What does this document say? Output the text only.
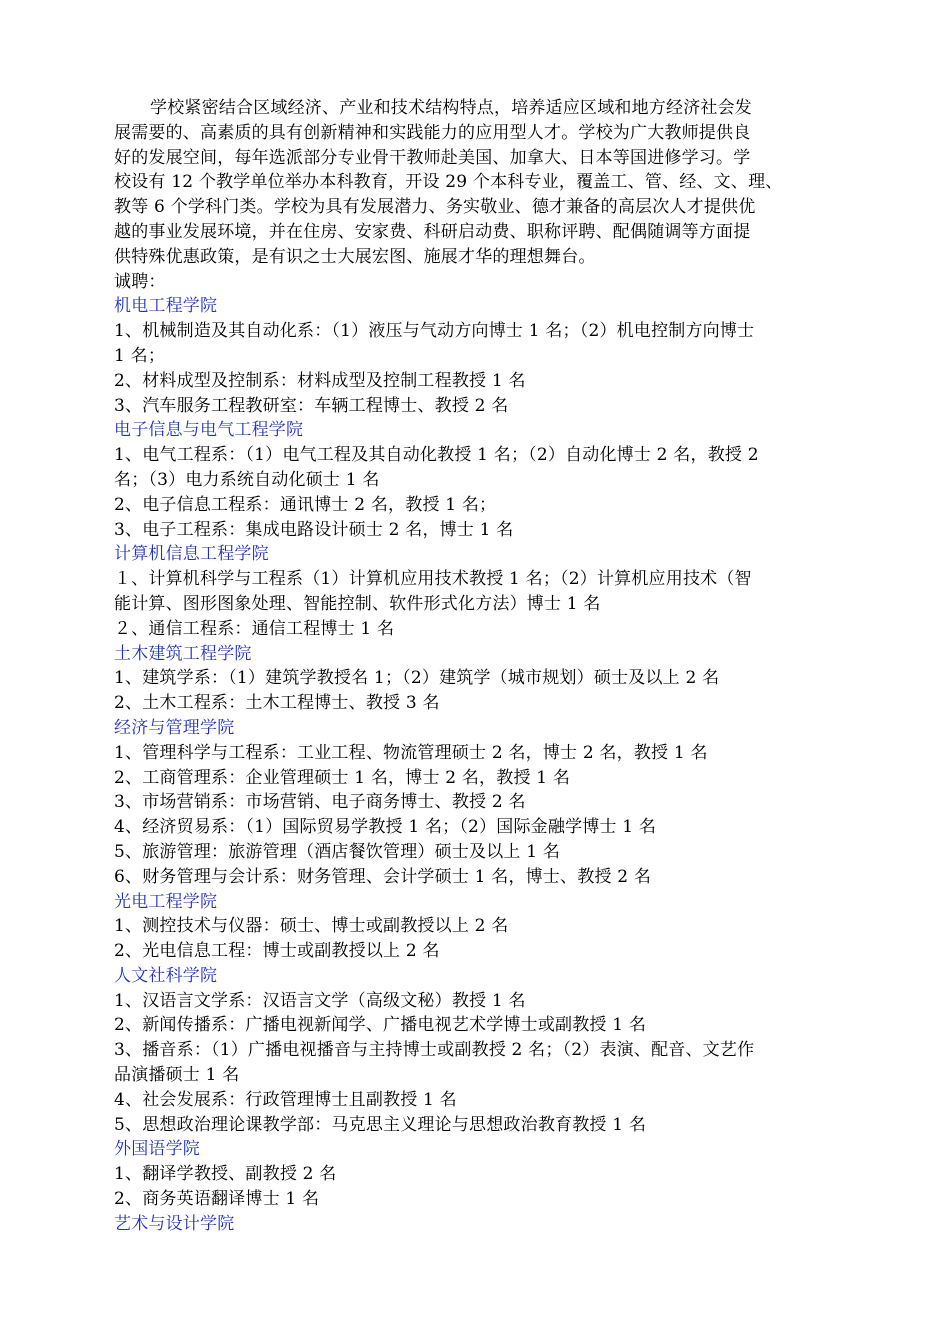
学校紧密结合区域经济、产业和技术结构特点，培养适应区域和地方经济社会发
展需要的、高素质的具有创新精神和实践能力的应用型人才。学校为广大教师提供良
好的发展空间，每年选派部分专业骨干教师赴美国、加拿大、日本等国进修学习。学
校设有 12 个教学单位举办本科教育，开设 29 个本科专业，覆盖工、管、经、文、理、
教等 6 个学科门类。学校为具有发展潜力、务实敬业、德才兼备的高层次人才提供优
越的事业发展环境，并在住房、安家费、科研启动费、职称评聘、配偶随调等方面提
供特殊优惠政策，是有识之士大展宏图、施展才华的理想舞台。
诚聘：
机电工程学院
1、机械制造及其自动化系：（1）液压与气动方向博士 1 名；（2）机电控制方向博士
1 名；
2、材料成型及控制系：材料成型及控制工程教授 1 名
3、汽车服务工程教研室：车辆工程博士、教授 2 名
电子信息与电气工程学院
1、电气工程系：（1）电气工程及其自动化教授 1 名；（2）自动化博士 2 名，教授 2
名；（3）电力系统自动化硕士 1 名
2、电子信息工程系：通讯博士 2 名，教授 1 名；
3、电子工程系：集成电路设计硕士 2 名，博士 1 名
计算机信息工程学院
１、计算机科学与工程系（1）计算机应用技术教授 1 名；（2）计算机应用技术（智
能计算、图形图象处理、智能控制、软件形式化方法）博士 1 名
２、通信工程系：通信工程博士 1 名
土木建筑工程学院
1、建筑学系：（1）建筑学教授名 1；（2）建筑学（城市规划）硕士及以上 2 名
2、土木工程系：土木工程博士、教授 3 名
经济与管理学院
1、管理科学与工程系：工业工程、物流管理硕士 2 名，博士 2 名，教授 1 名
2、工商管理系：企业管理硕士 1 名，博士 2 名，教授 1 名
3、市场营销系：市场营销、电子商务博士、教授 2 名
4、经济贸易系：（1）国际贸易学教授 1 名；（2）国际金融学博士 1 名
5、旅游管理：旅游管理（酒店餐饮管理）硕士及以上 1 名
6、财务管理与会计系：财务管理、会计学硕士 1 名，博士、教授 2 名
光电工程学院
1、测控技术与仪器：硕士、博士或副教授以上 2 名
2、光电信息工程：博士或副教授以上 2 名
人文社科学院
1、汉语言文学系：汉语言文学（高级文秘）教授 1 名
2、新闻传播系：广播电视新闻学、广播电视艺术学博士或副教授 1 名
3、播音系：（1）广播电视播音与主持博士或副教授 2 名；（2）表演、配音、文艺作
品演播硕士 1 名
4、社会发展系：行政管理博士且副教授 1 名
5、思想政治理论课教学部：马克思主义理论与思想政治教育教授 1 名
外国语学院
1、翻译学教授、副教授 2 名
2、商务英语翻译博士 1 名
艺术与设计学院
